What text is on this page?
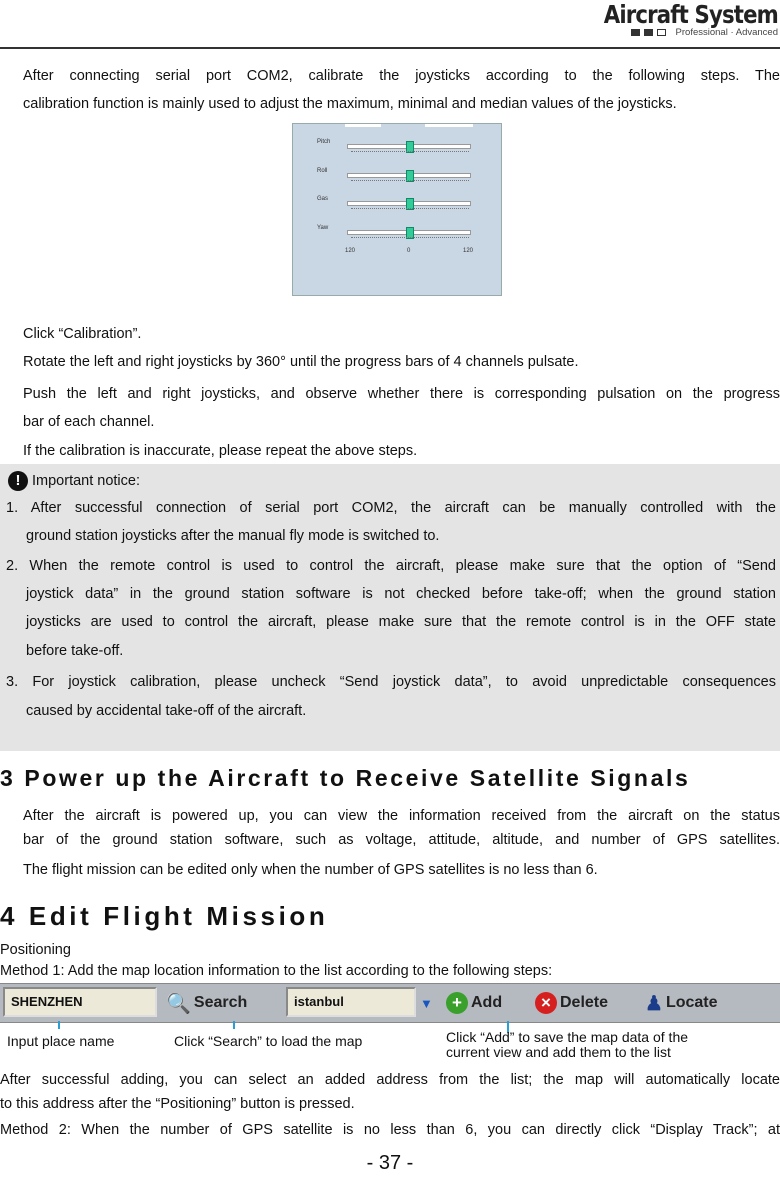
Aircraft System
Professional · Advanced
After connecting serial port COM2, calibrate the joysticks according to the following steps. The
calibration function is mainly used to adjust the maximum, minimal and median values of the joysticks.
Pitch
Roll
Gas
Yaw
120	0	120
Click “Calibration”.
Rotate the left and right joysticks by 360° until the progress bars of 4 channels pulsate.
Push the left and right joysticks, and observe whether there is corresponding pulsation on the progress
bar of each channel.
If the calibration is inaccurate, please repeat the above steps.
! Important notice:
1. After successful connection of serial port COM2, the aircraft can be manually controlled with the
ground station joysticks after the manual fly mode is switched to.
2. When the remote control is used to control the aircraft, please make sure that the option of “Send
joystick data” in the ground station software is not checked before take-off; when the ground station
joysticks are used to control the aircraft, please make sure that the remote control is in the OFF state
before take-off.
3. For joystick calibration, please uncheck “Send joystick data”, to avoid unpredictable consequences
caused by accidental take-off of the aircraft.
3 Power up the Aircraft to Receive Satellite Signals
After the aircraft is powered up, you can view the information received from the aircraft on the status
bar of the ground station software, such as voltage, attitude, altitude, and number of GPS satellites.
The flight mission can be edited only when the number of GPS satellites is no less than 6.
4 Edit Flight Mission
Positioning
Method 1: Add the map location information to the list according to the following steps:
SHENZHEN	🔍 Search	istanbul	▼	+ Add	× Delete ♟ Locate
Input place name	Click “Search” to load the map	Click “Add” to save the map data of the
current view and add them to the list
After successful adding, you can select an added address from the list; the map will automatically locate
to this address after the “Positioning” button is pressed.
Method 2: When the number of GPS satellite is no less than 6, you can directly click “Display Track”; at
- 37 -
